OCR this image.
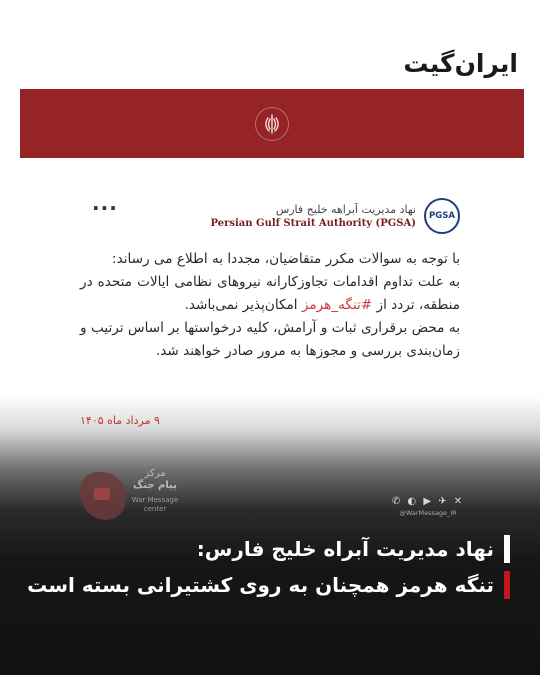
ایران‌گیت
...	نهاد مدیریت آبراهه خلیج فارس
Persian Gulf Strait Authority (PGSA)
PGSA

با توجه به سوالات مکرر متقاضیان، مجددا به اطلاع می رساند:

به علت تداوم اقدامات تجاوزکارانه نیروهای نظامی ایالات متحده در منطقه، تردد از #تنگه_هرمز امکان‌پذیر نمی‌باشد.

به محض برقراری ثبات و آرامش، کلیه درخواستها بر اساس ترتیب و زمان‌بندی بررسی و مجوزها به مرور صادر خواهند شد.

۹ مرداد ماه ۱۴۰۵
مرکز
پیام جنگ
War Message center
✆ ◐ ▶ ✈ ✕
@WarMessage_IR
نهاد مدیریت آبراه خلیج فارس:
تنگه هرمز همچنان به روی کشتیرانی بسته است
